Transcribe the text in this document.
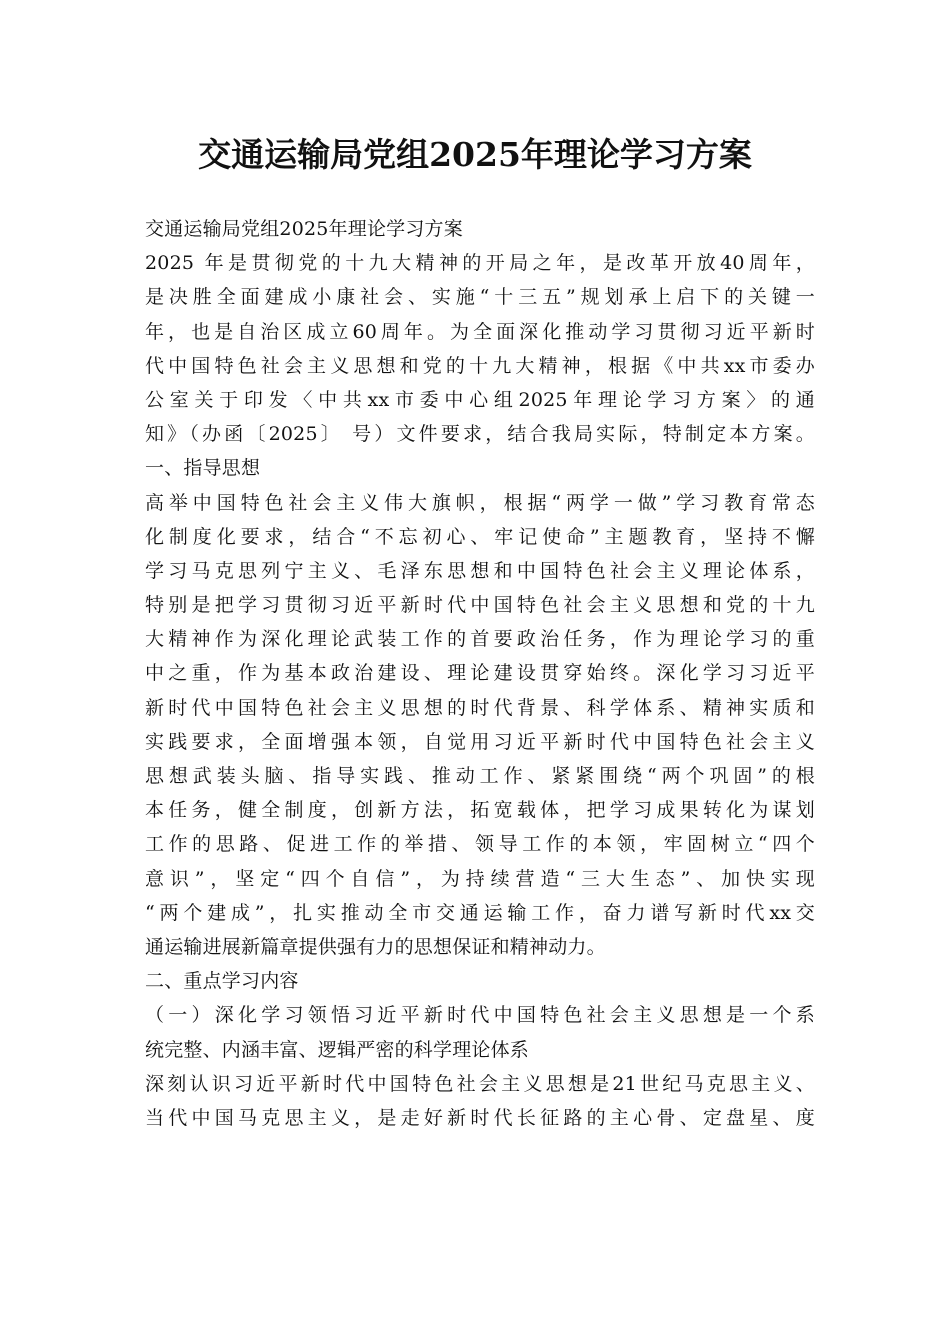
交通运输局党组2025年理论学习方案
交通运输局党组2025年理论学习方案
2025 年是贯彻党的十九大精神的开局之年，是改革开放40周年，
是决胜全面建成小康社会、实施“十三五”规划承上启下的关键一
年，也是自治区成立60周年。为全面深化推动学习贯彻习近平新时
代中国特色社会主义思想和党的十九大精神，根据《中共xx市委办
公室关于印发〈中共xx市委中心组2025年理论学习方案〉的通
知》（办函〔2025〕 号）文件要求，结合我局实际，特制定本方案。
一、指导思想
高举中国特色社会主义伟大旗帜，根据“两学一做”学习教育常态
化制度化要求，结合“不忘初心、牢记使命”主题教育，坚持不懈
学习马克思列宁主义、毛泽东思想和中国特色社会主义理论体系，
特别是把学习贯彻习近平新时代中国特色社会主义思想和党的十九
大精神作为深化理论武装工作的首要政治任务，作为理论学习的重
中之重，作为基本政治建设、理论建设贯穿始终。深化学习习近平
新时代中国特色社会主义思想的时代背景、科学体系、精神实质和
实践要求，全面增强本领，自觉用习近平新时代中国特色社会主义
思想武装头脑、指导实践、推动工作、紧紧围绕“两个巩固”的根
本任务，健全制度，创新方法，拓宽载体，把学习成果转化为谋划
工作的思路、促进工作的举措、领导工作的本领，牢固树立“四个
意识”，坚定“四个自信”，为持续营造“三大生态”、加快实现
“两个建成”，扎实推动全市交通运输工作，奋力谱写新时代xx交
通运输进展新篇章提供强有力的思想保证和精神动力。
二、重点学习内容
（一）深化学习领悟习近平新时代中国特色社会主义思想是一个系
统完整、内涵丰富、逻辑严密的科学理论体系
深刻认识习近平新时代中国特色社会主义思想是21世纪马克思主义、
当代中国马克思主义，是走好新时代长征路的主心骨、定盘星、度
